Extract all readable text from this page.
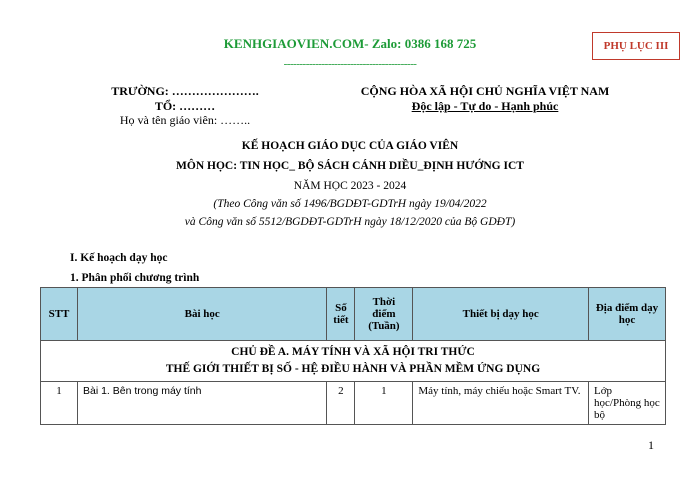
KENHGIAOVIEN.COM- Zalo: 0386 168 725
------------------------------------------
PHỤ LỤC III
TRƯỜNG: ………………….
TỔ: ………
Họ và tên giáo viên: ……..
CỘNG HÒA XÃ HỘI CHỦ NGHĨA VIỆT NAM
Độc lập - Tự do - Hạnh phúc
KẾ HOẠCH GIÁO DỤC CỦA GIÁO VIÊN
MÔN HỌC: TIN HỌC_ BỘ SÁCH CÁNH DIỀU_ĐỊNH HƯỚNG ICT
NĂM HỌC 2023 - 2024
(Theo Công văn số 1496/BGDĐT-GDTrH ngày 19/04/2022
và Công văn số 5512/BGDĐT-GDTrH ngày 18/12/2020 của Bộ GDĐT)
I. Kế hoạch dạy học
1. Phân phối chương trình
STT	Bài học	Số tiết	Thời điểm (Tuần)	Thiết bị dạy học	Địa điểm dạy học

CHỦ ĐỀ A. MÁY TÍNH VÀ XÃ HỘI TRI THỨC
THẾ GIỚI THIẾT BỊ SỐ - HỆ ĐIỀU HÀNH VÀ PHẦN MỀM ỨNG DỤNG					

1	Bài 1. Bên trong máy tính	2	1	Máy tính, máy chiếu hoặc Smart TV.	Lớp học/Phòng học bộ
1
